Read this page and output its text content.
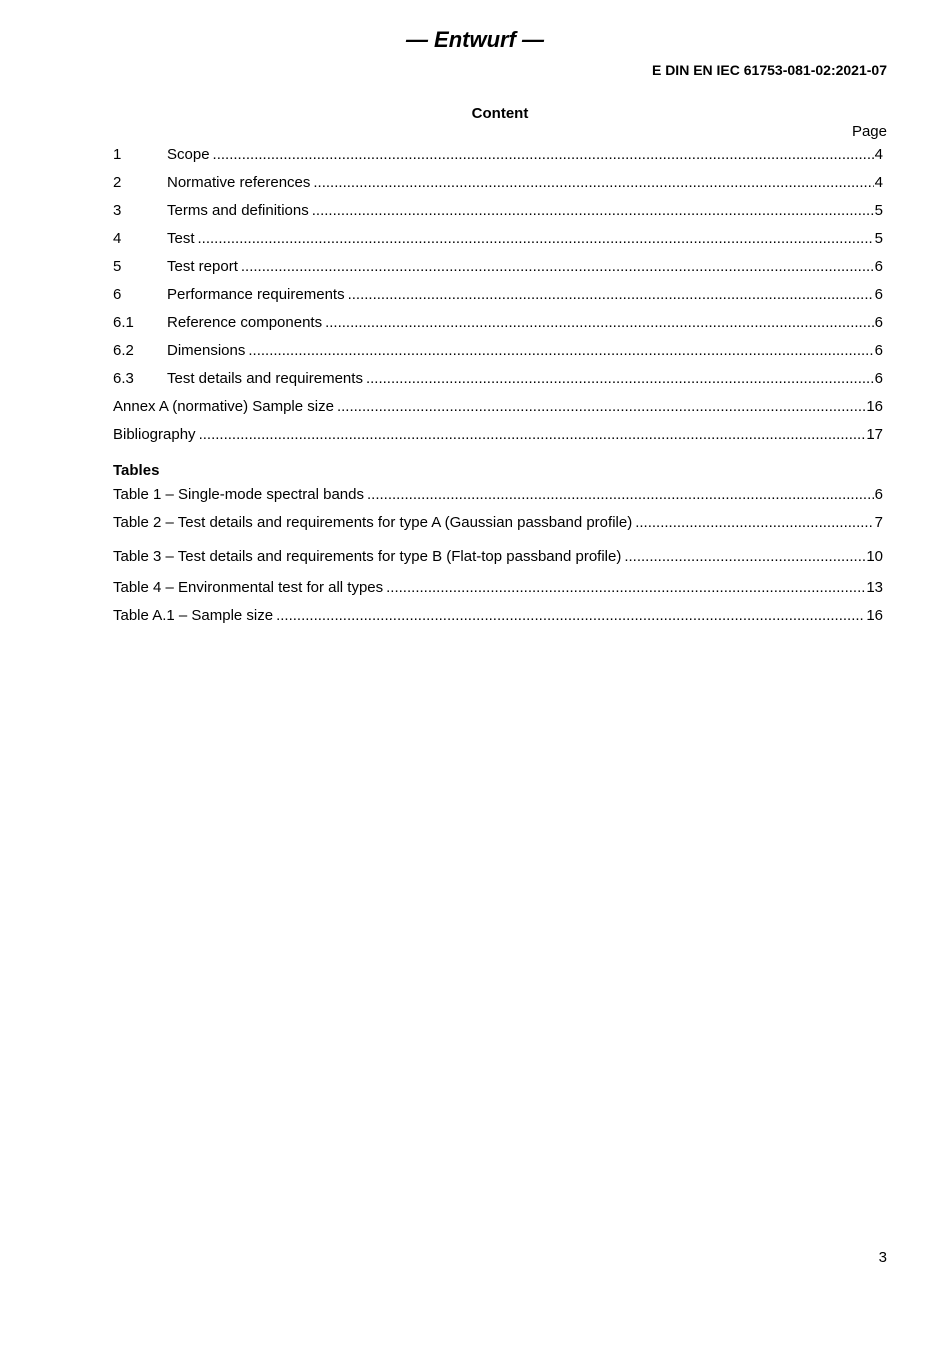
— Entwurf —
E DIN EN IEC 61753-081-02:2021-07
Content
Page
1	Scope .....	4
2	Normative references .....	4
3	Terms and definitions .....	5
4	Test .....	5
5	Test report .....	6
6	Performance requirements .....	6
6.1	Reference components .....	6
6.2	Dimensions .....	6
6.3	Test details and requirements .....	6
Annex A (normative) Sample size .....	16
Bibliography .....	17
Tables
Table 1 – Single-mode spectral bands .....	6
Table 2 – Test details and requirements for type A (Gaussian passband profile) .....	7
Table 3 – Test details and requirements for type B (Flat-top passband profile) .....	10
Table 4 – Environmental test for all types .....	13
Table A.1 – Sample size .....	16
3
